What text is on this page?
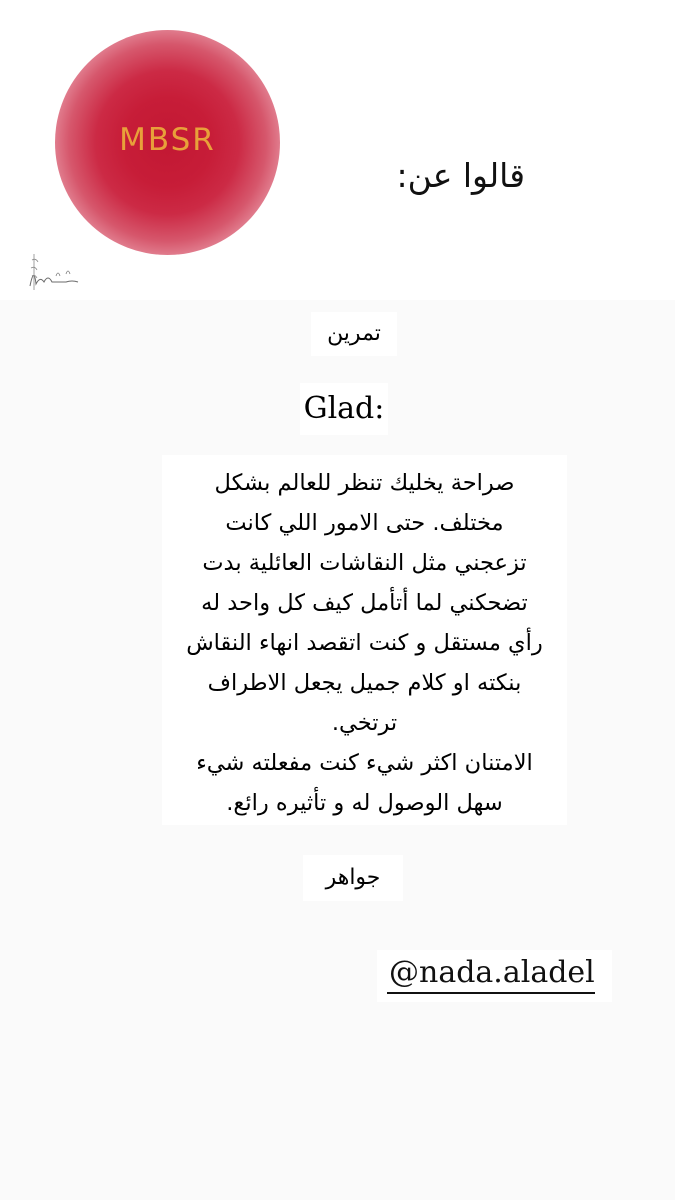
MBSR
قالوا عن:
تمرين
Glad:
صراحة يخليك تنظر للعالم بشكل
مختلف. حتى الامور اللي كانت
تزعجني مثل النقاشات العائلية بدت
تضحكني لما أتأمل كيف كل واحد له
رأي مستقل و كنت اتقصد انهاء النقاش
بنكته او كلام جميل يجعل الاطراف
ترتخي.
الامتنان اكثر شيء كنت مفعلته شيء
سهل الوصول له و تأثيره رائع.
جواهر
@nada.aladel
